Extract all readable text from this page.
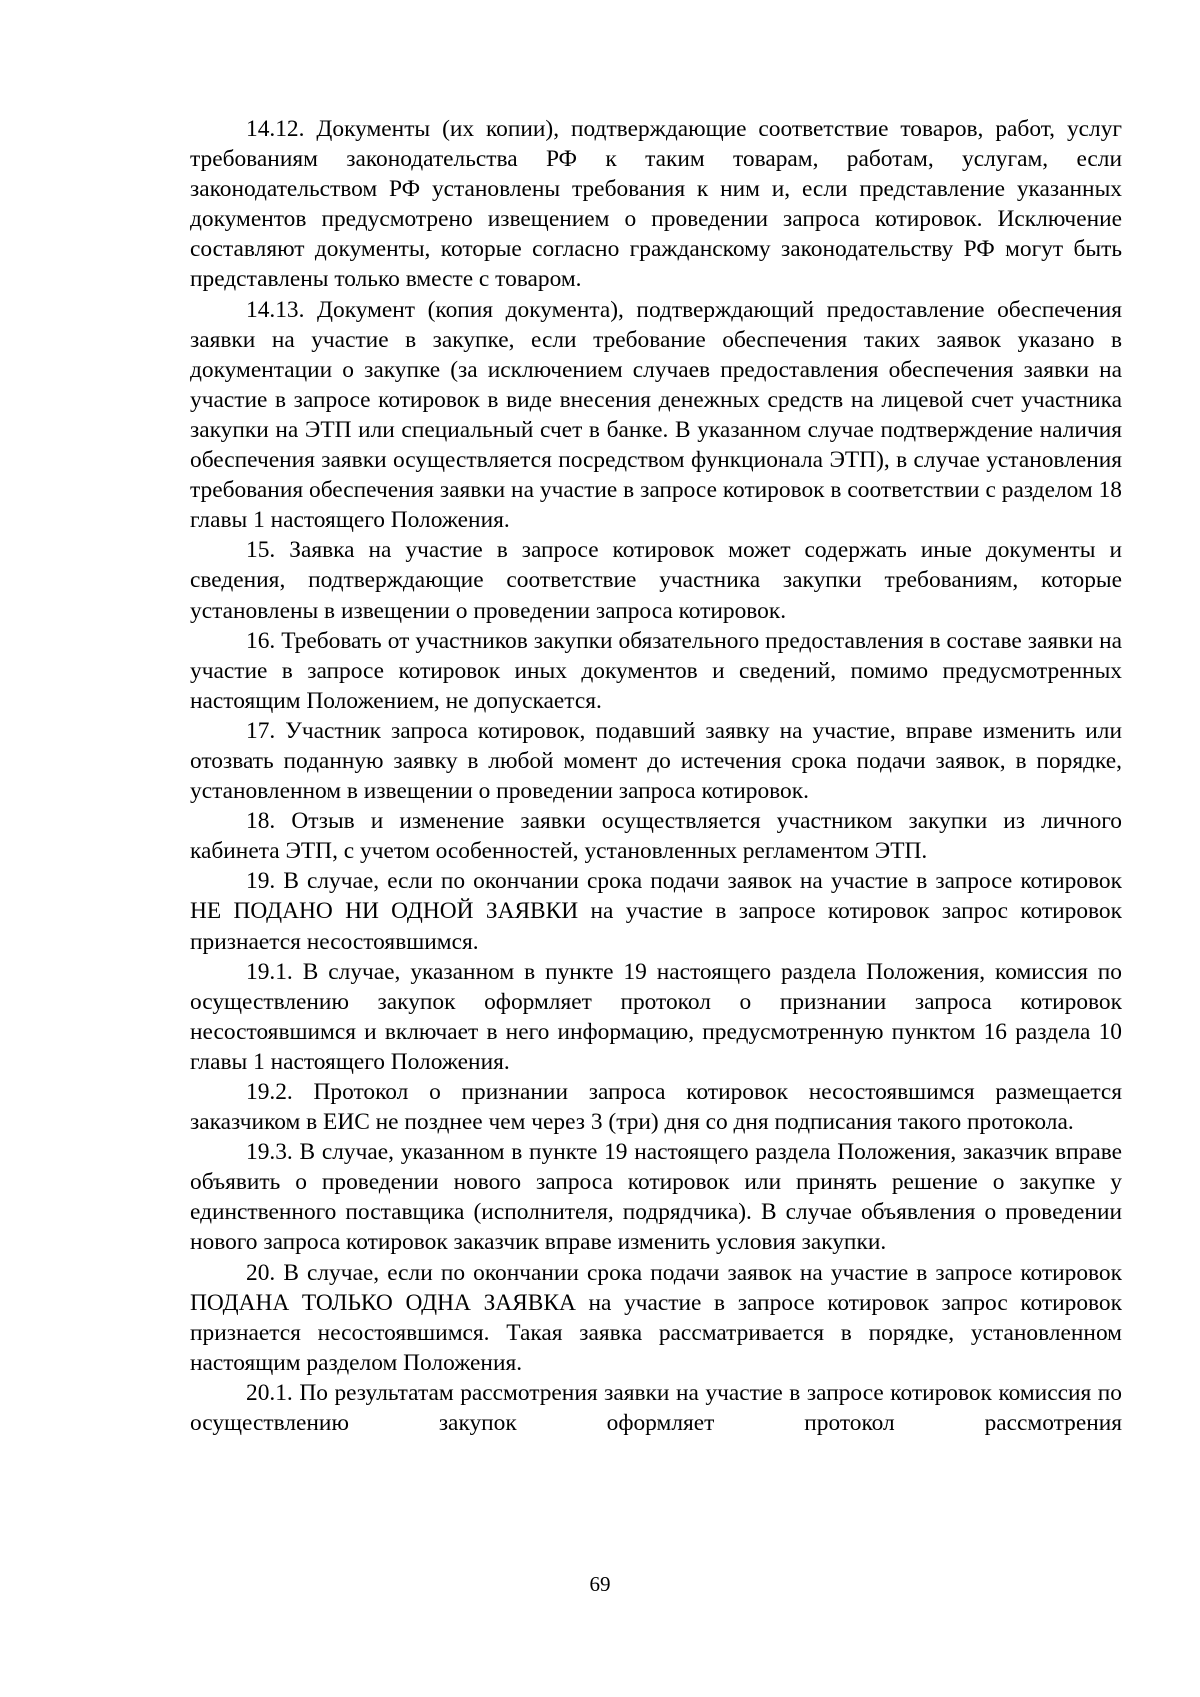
14.12. Документы (их копии), подтверждающие соответствие товаров, работ, услуг требованиям законодательства РФ к таким товарам, работам, услугам, если законодательством РФ установлены требования к ним и, если представление указанных документов предусмотрено извещением о проведении запроса котировок. Исключение составляют документы, которые согласно гражданскому законодательству РФ могут быть представлены только вместе с товаром.

14.13. Документ (копия документа), подтверждающий предоставление обеспечения заявки на участие в закупке, если требование обеспечения таких заявок указано в документации о закупке (за исключением случаев предоставления обеспечения заявки на участие в запросе котировок в виде внесения денежных средств на лицевой счет участника закупки на ЭТП или специальный счет в банке. В указанном случае подтверждение наличия обеспечения заявки осуществляется посредством функционала ЭТП), в случае установления требования обеспечения заявки на участие в запросе котировок в соответствии с разделом 18 главы 1 настоящего Положения.

15. Заявка на участие в запросе котировок может содержать иные документы и сведения, подтверждающие соответствие участника закупки требованиям, которые установлены в извещении о проведении запроса котировок.

16. Требовать от участников закупки обязательного предоставления в составе заявки на участие в запросе котировок иных документов и сведений, помимо предусмотренных настоящим Положением, не допускается.

17. Участник запроса котировок, подавший заявку на участие, вправе изменить или отозвать поданную заявку в любой момент до истечения срока подачи заявок, в порядке, установленном в извещении о проведении запроса котировок.

18. Отзыв и изменение заявки осуществляется участником закупки из личного кабинета ЭТП, с учетом особенностей, установленных регламентом ЭТП.

19. В случае, если по окончании срока подачи заявок на участие в запросе котировок НЕ ПОДАНО НИ ОДНОЙ ЗАЯВКИ на участие в запросе котировок запрос котировок признается несостоявшимся.

19.1. В случае, указанном в пункте 19 настоящего раздела Положения, комиссия по осуществлению закупок оформляет протокол о признании запроса котировок несостоявшимся и включает в него информацию, предусмотренную пунктом 16 раздела 10 главы 1 настоящего Положения.

19.2. Протокол о признании запроса котировок несостоявшимся размещается заказчиком в ЕИС не позднее чем через 3 (три) дня со дня подписания такого протокола.

19.3. В случае, указанном в пункте 19 настоящего раздела Положения, заказчик вправе объявить о проведении нового запроса котировок или принять решение о закупке у единственного поставщика (исполнителя, подрядчика). В случае объявления о проведении нового запроса котировок заказчик вправе изменить условия закупки.

20. В случае, если по окончании срока подачи заявок на участие в запросе котировок ПОДАНА ТОЛЬКО ОДНА ЗАЯВКА на участие в запросе котировок запрос котировок признается несостоявшимся. Такая заявка рассматривается в порядке, установленном настоящим разделом Положения.

20.1. По результатам рассмотрения заявки на участие в запросе котировок комиссия по осуществлению закупок оформляет протокол рассмотрения

69
